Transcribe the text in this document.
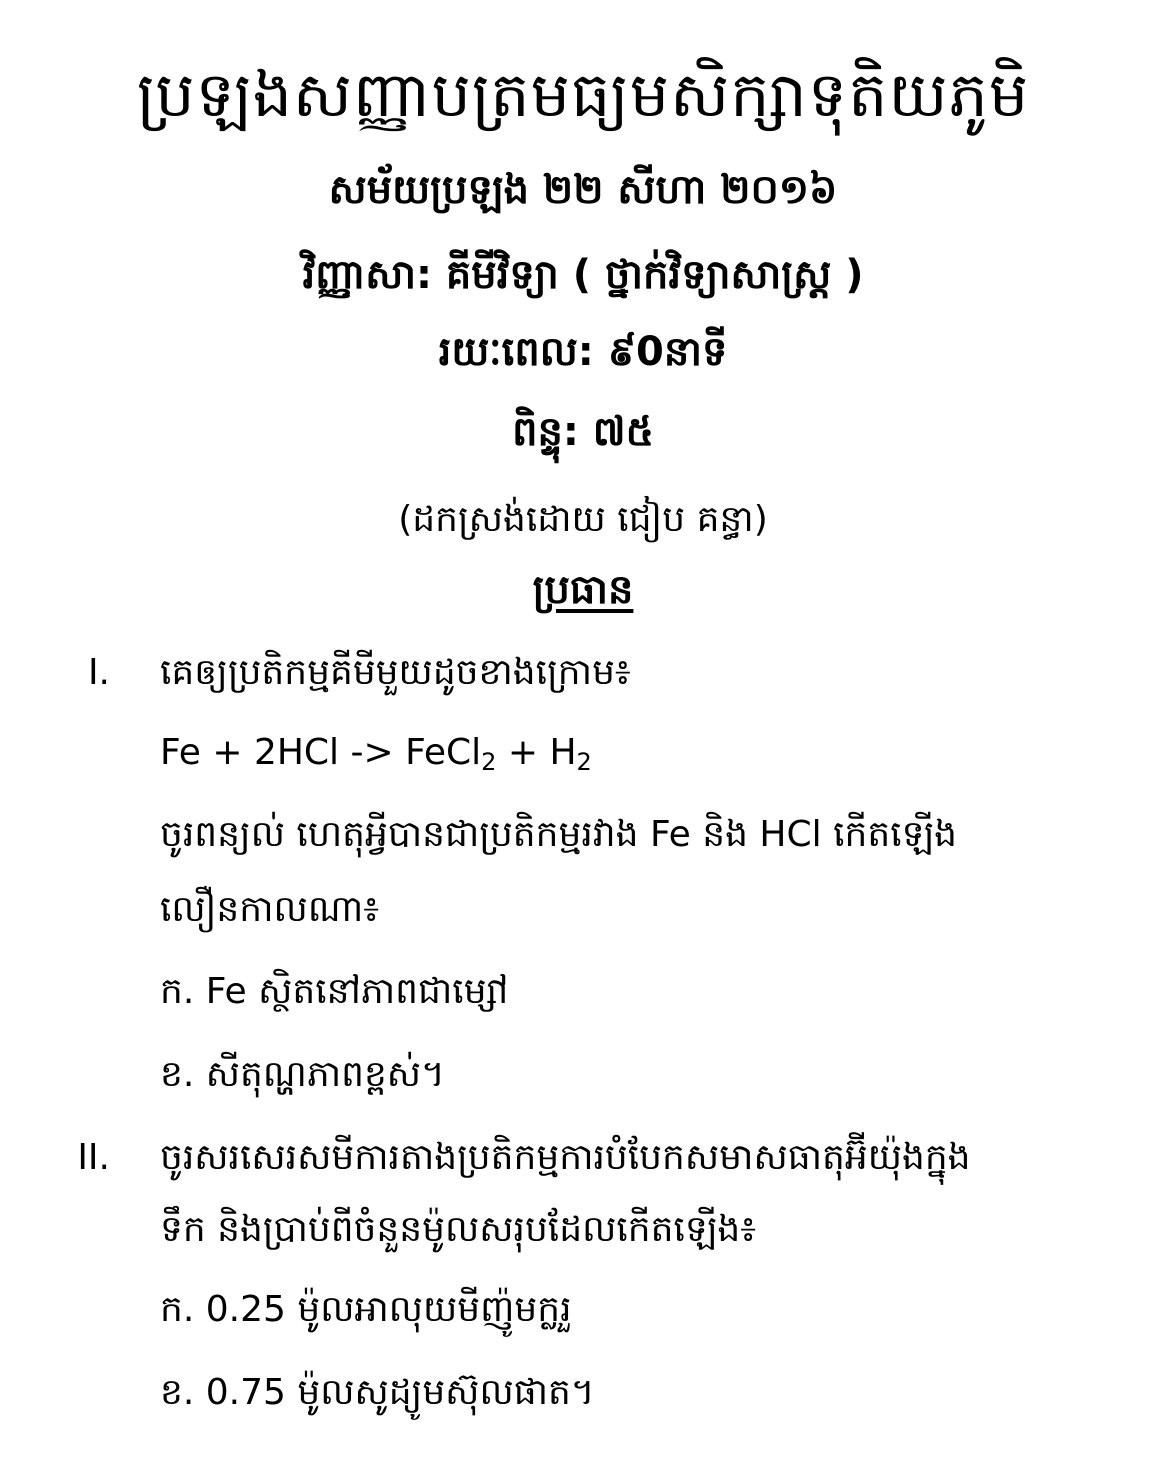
ប្រឡងសញ្ញាបត្រមធ្យមសិក្សាទុតិយភូមិ
សម័យប្រឡង ២២ សីហា ២០១៦
វិញ្ញាសា: គីមីវិទ្យា ( ថ្នាក់វិទ្យាសាស្ត្រ )
រយៈពេល: ៩0នាទី
ពិន្ទុ: ៧៥
(ដកស្រង់ដោយ ជៀប គន្ធា)
ប្រធាន
I. គេឲ្យប្រតិកម្មគីមីមួយដូចខាងក្រោម៖
Fe + 2HCl -> FeCl$_2$ + $H_2$
ចូរពន្យល់ ហេតុអ្វីបានជាប្រតិកម្មរវាង Fe និង HCl កើតឡើង
លឿនកាលណា៖
ក. Fe ស្ថិតនៅភាពជាម្សៅ
ខ. សីតុណ្ហភាពខ្ពស់។
II. ចូរសរសេរសមីការតាងប្រតិកម្មការបំបែកសមាសធាតុអ៊ីយ៉ុងក្នុង
ទឹក និងប្រាប់ពីចំនួនម៉ូលសរុបដែលកើតឡើង៖
ក. 0.25 ម៉ូលអាលុយមីញ៉ូមក្លរួ
ខ. 0.75 ម៉ូលសូដ្យូមស៊ុលផាត។
